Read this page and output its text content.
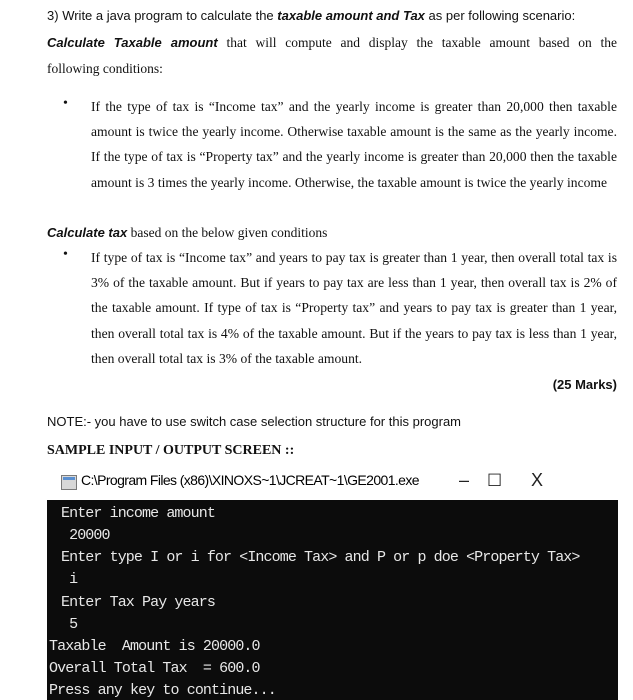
3) Write a java program to calculate the taxable amount and Tax as per following scenario:
Calculate Taxable amount that will compute and display the taxable amount based on the
following conditions:
• If the type of tax is “Income tax” and the yearly income is greater than 20,000 then taxable amount is twice the yearly income. Otherwise taxable amount is the same as the yearly income. If the type of tax is “Property tax” and the yearly income is greater than 20,000 then the taxable amount is 3 times the yearly income. Otherwise, the taxable amount is twice the yearly income
Calculate tax based on the below given conditions
• If type of tax is “Income tax” and years to pay tax is greater than 1 year, then overall total tax is 3% of the taxable amount. But if years to pay tax are less than 1 year, then overall tax is 2% of the taxable amount. If type of tax is “Property tax” and years to pay tax is greater than 1 year, then overall total tax is 4% of the taxable amount. But if the years to pay tax is less than 1 year, then overall total tax is 3% of the taxable amount.
(25 Marks)
NOTE:- you have to use switch case selection structure for this program
SAMPLE INPUT / OUTPUT SCREEN ::
C:\Program Files (x86)\XINOXS~1\JCREAT~1\GE2001.exe – ☐ X
Enter income amount
20000
Enter type I or i for <Income Tax> and P or p doe <Property Tax>
i
Enter Tax Pay years
5
Taxable  Amount is 20000.0
Overall Total Tax  = 600.0
Press any key to continue...
